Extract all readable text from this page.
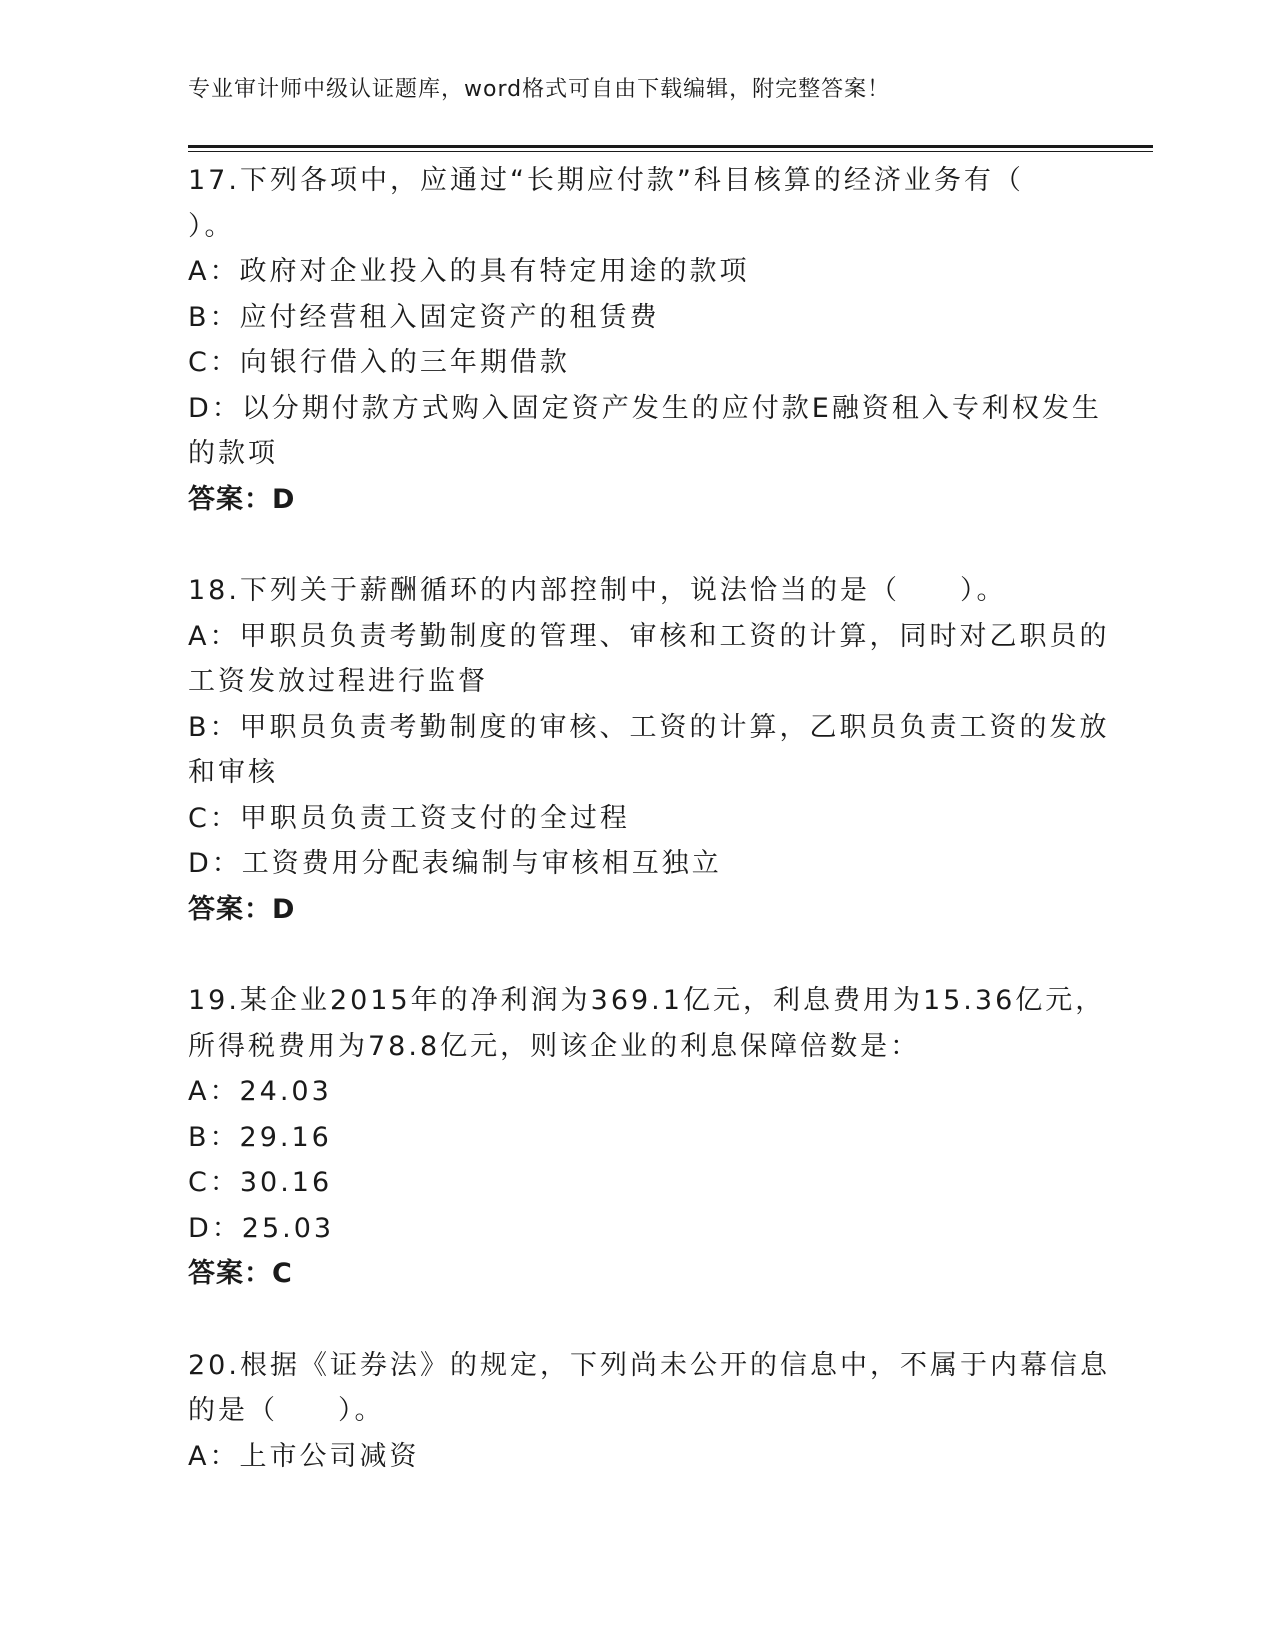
专业审计师中级认证题库，word格式可自由下载编辑，附完整答案！
17.下列各项中，应通过“长期应付款”科目核算的经济业务有（
）。
A：政府对企业投入的具有特定用途的款项
B：应付经营租入固定资产的租赁费
C：向银行借入的三年期借款
D：以分期付款方式购入固定资产发生的应付款E融资租入专利权发生
的款项
答案：D
18.下列关于薪酬循环的内部控制中，说法恰当的是（　　）。
A：甲职员负责考勤制度的管理、审核和工资的计算，同时对乙职员的
工资发放过程进行监督
B：甲职员负责考勤制度的审核、工资的计算，乙职员负责工资的发放
和审核
C：甲职员负责工资支付的全过程
D：工资费用分配表编制与审核相互独立
答案：D
19.某企业2015年的净利润为369.1亿元，利息费用为15.36亿元，
所得税费用为78.8亿元，则该企业的利息保障倍数是：
A：24.03
B：29.16
C：30.16
D：25.03
答案：C
20.根据《证券法》的规定，下列尚未公开的信息中，不属于内幕信息
的是（　　）。
A：上市公司减资
